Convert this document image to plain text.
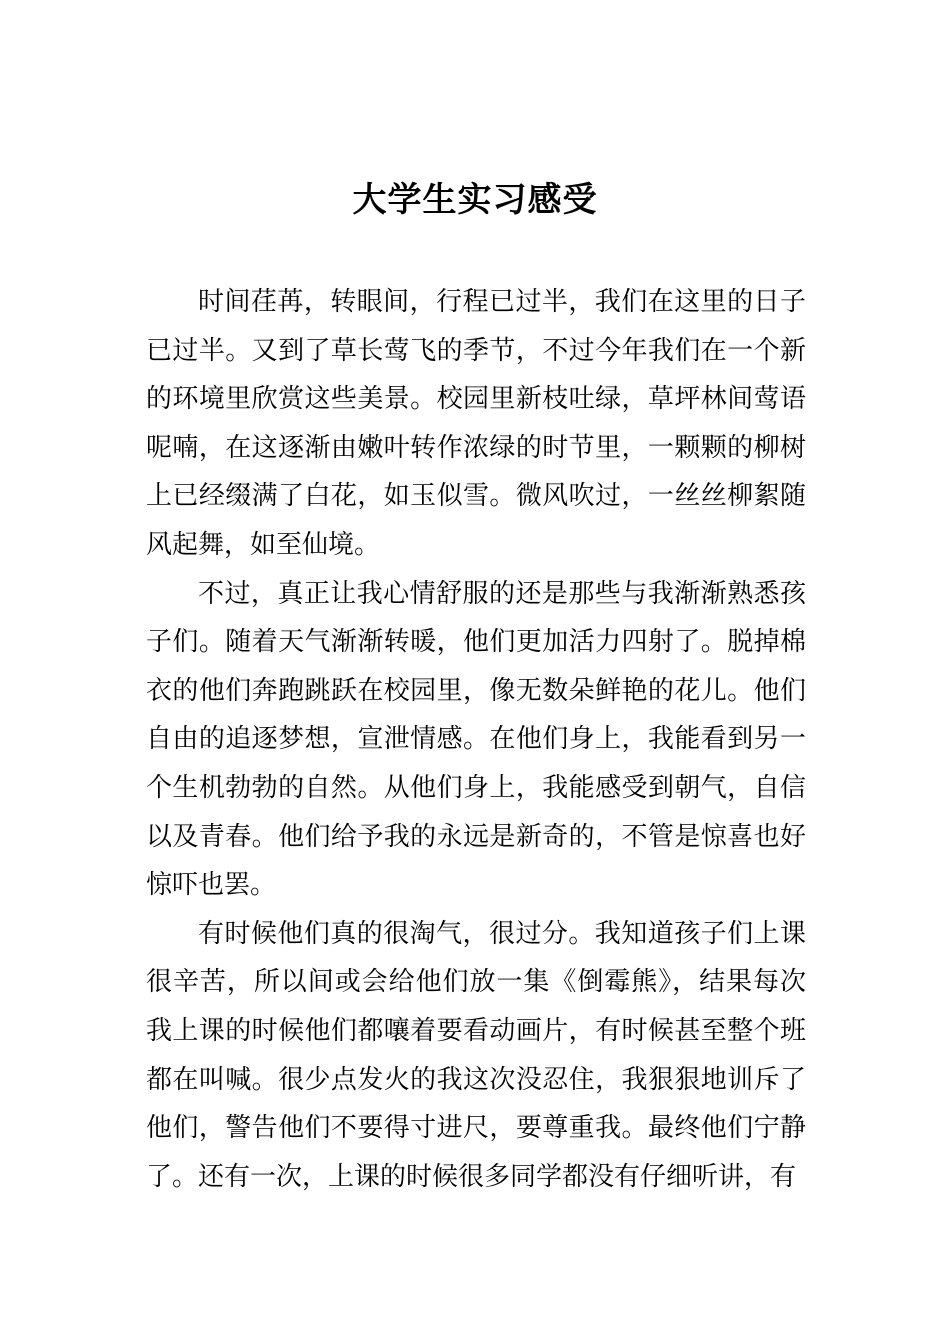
大学生实习感受

时间荏苒，转眼间，行程已过半，我们在这里的日子已过半。又到了草长莺飞的季节，不过今年我们在一个新的环境里欣赏这些美景。校园里新枝吐绿，草坪林间莺语呢喃，在这逐渐由嫩叶转作浓绿的时节里，一颗颗的柳树上已经缀满了白花，如玉似雪。微风吹过，一丝丝柳絮随风起舞，如至仙境。

不过，真正让我心情舒服的还是那些与我渐渐熟悉孩子们。随着天气渐渐转暖，他们更加活力四射了。脱掉棉衣的他们奔跑跳跃在校园里，像无数朵鲜艳的花儿。他们自由的追逐梦想，宣泄情感。在他们身上，我能看到另一个生机勃勃的自然。从他们身上，我能感受到朝气，自信以及青春。他们给予我的永远是新奇的，不管是惊喜也好惊吓也罢。

有时候他们真的很淘气，很过分。我知道孩子们上课很辛苦，所以间或会给他们放一集《倒霉熊》，结果每次我上课的时候他们都嚷着要看动画片，有时候甚至整个班都在叫喊。很少点发火的我这次没忍住，我狠狠地训斥了他们，警告他们不要得寸进尺，要尊重我。最终他们宁静了。还有一次，上课的时候很多同学都没有仔细听讲，有
